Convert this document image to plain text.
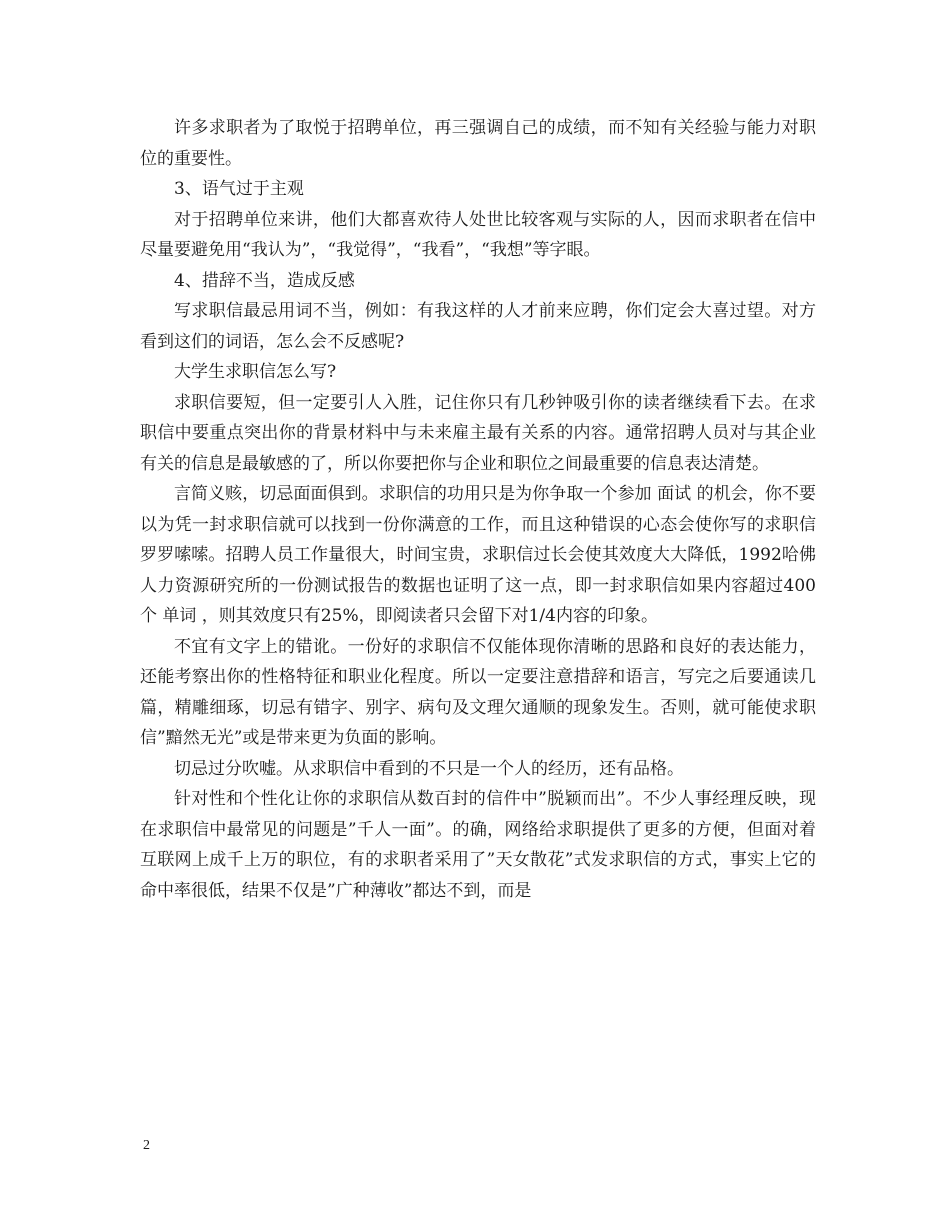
许多求职者为了取悦于招聘单位，再三强调自己的成绩，而不知有关经验与能力对职位的重要性。

3、语气过于主观

对于招聘单位来讲，他们大都喜欢待人处世比较客观与实际的人，因而求职者在信中尽量要避免用“我认为”，“我觉得”，“我看”，“我想”等字眼。

4、措辞不当，造成反感

写求职信最忌用词不当，例如：有我这样的人才前来应聘，你们定会大喜过望。对方看到这们的词语，怎么会不反感呢?

大学生求职信怎么写?

求职信要短，但一定要引人入胜，记住你只有几秒钟吸引你的读者继续看下去。在求职信中要重点突出你的背景材料中与未来雇主最有关系的内容。通常招聘人员对与其企业有关的信息是最敏感的了，所以你要把你与企业和职位之间最重要的信息表达清楚。

言简义赅，切忌面面俱到。求职信的功用只是为你争取一个参加 面试 的机会，你不要以为凭一封求职信就可以找到一份你满意的工作，而且这种错误的心态会使你写的求职信罗罗嗦嗦。招聘人员工作量很大，时间宝贵，求职信过长会使其效度大大降低，1992哈佛人力资源研究所的一份测试报告的数据也证明了这一点，即一封求职信如果内容超过400个 单词 ，则其效度只有25%，即阅读者只会留下对1/4内容的印象。

不宜有文字上的错讹。一份好的求职信不仅能体现你清晰的思路和良好的表达能力，还能考察出你的性格特征和职业化程度。所以一定要注意措辞和语言，写完之后要通读几篇，精雕细琢，切忌有错字、别字、病句及文理欠通顺的现象发生。否则，就可能使求职信”黯然无光”或是带来更为负面的影响。

切忌过分吹嘘。从求职信中看到的不只是一个人的经历，还有品格。

针对性和个性化让你的求职信从数百封的信件中”脱颖而出”。不少人事经理反映，现在求职信中最常见的问题是”千人一面”。的确，网络给求职提供了更多的方便，但面对着互联网上成千上万的职位，有的求职者采用了”天女散花”式发求职信的方式，事实上它的命中率很低，结果不仅是”广种薄收”都达不到，而是

2
